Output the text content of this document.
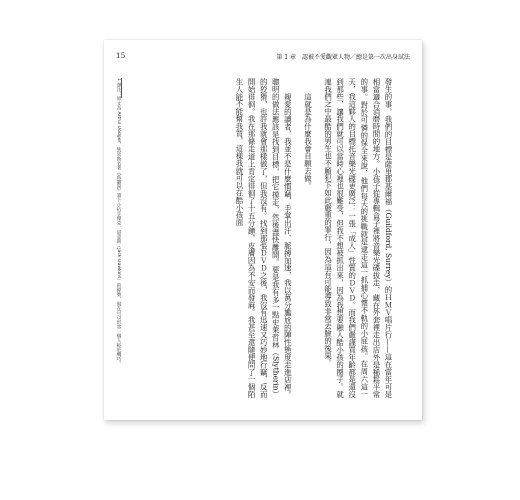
15	第 1 章　認被不愛觀眾人物／總是第一次出身試法

發生的事，我們的目標是薩里郡基爾福（Guildford, Surrey）的ＨＭＶ唱片行——這在當年可是相當適合消磨時間的地方。小孩子從專輯盒子裡將音樂光碟拔走，藏在外套裡走出店外是稀鬆平常的事。對於可憐的保全來說，他們每天的挑戰就是逮走這一抓捕心懷不軌的小屁孩。在周六這一天，我這夥人的目標托音樂光碟更廣泛：一張「成人」性質的ＤＶＤ。而我們嚴謹買年齡都是還沒到那些，讓我們就可以當時心裡也很難受，但我不想被抓出來，因為我想要融入酷小孩的圈子。就連我們之中最酷的男生也不願犯下如此嚴重的罪行，因為這有可能導致非常丟臉的後果。

這就是為什麼我會自願去做。

親愛的讀者，我並不是什麼慣竊，手掌出汗、脈搏加速，我以萬分尷尬的陣性態度走進店裡。聰明的做法應該是找到目標，把它摸走，然後盡快離開。要是我有多一點史萊哲林（Slytherin）的狡猾，也許我就會那樣做了，但我沒有。找到那張ＤＶＤ之後，我沒有迅速又巧妙地行竊，反而開始徘徊。我在那條走道上肯定徘徊了十五分鐘，皮膚因為不安而發麻。我甚至還隨便問了一個陌生人能不能幫我買，這樣我就可以在酷小孩面

1 譯注：原文為 Artful Dodger，狄更斯名著《孤雛淚》筆下小扒手傑克．道金斯（Jack Dawkins）的綽號，現在可以形容一個人較於機巧。
